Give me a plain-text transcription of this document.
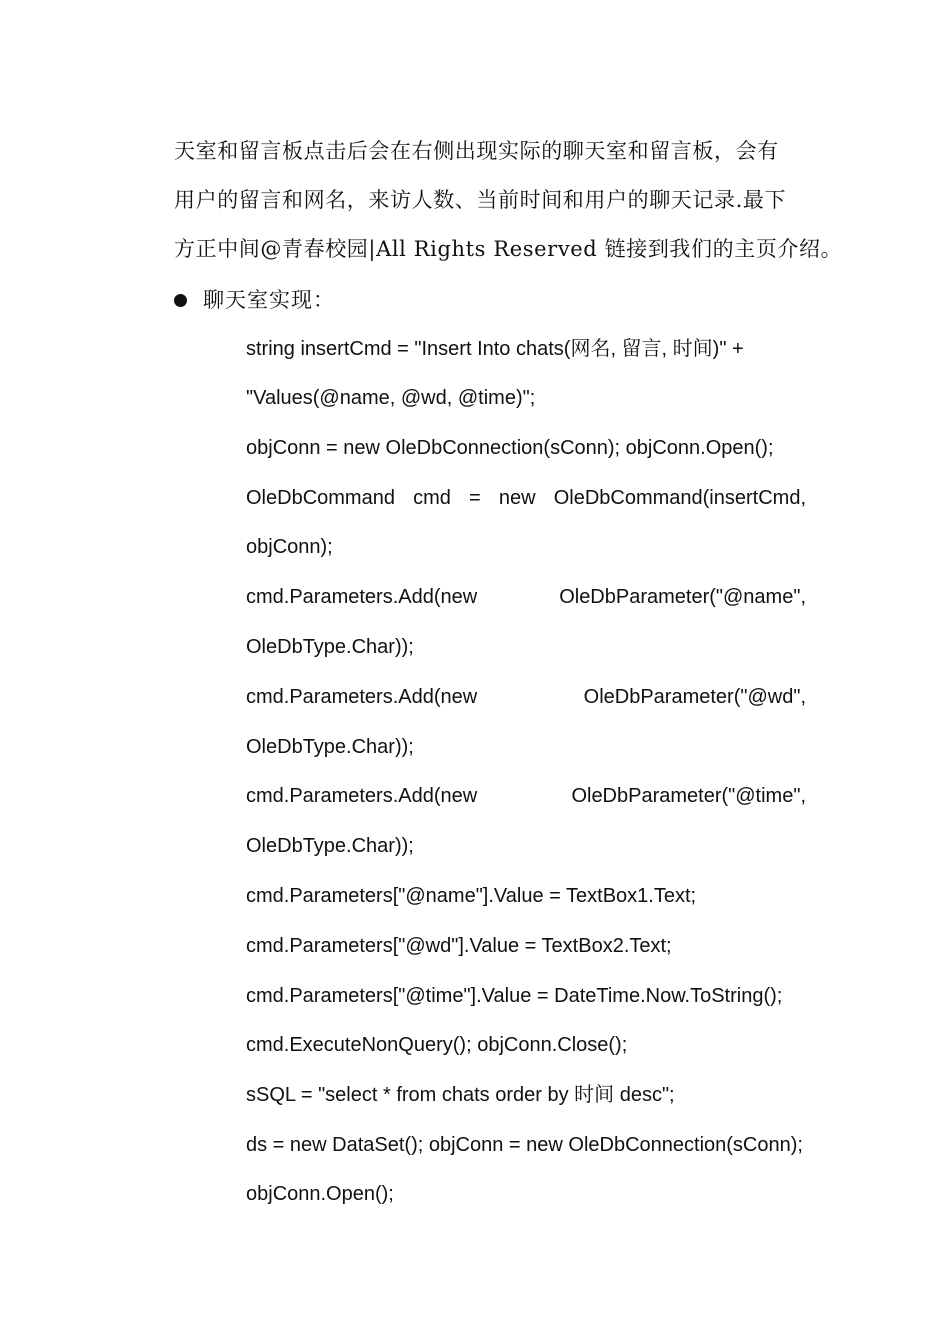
天室和留言板点击后会在右侧出现实际的聊天室和留言板，会有
用户的留言和网名，来访人数、当前时间和用户的聊天记录.最下
方正中间@青春校园|All Rights Reserved 链接到我们的主页介绍。
聊天室实现：
string insertCmd = "Insert Into chats(网名, 留言, 时间)" +
"Values(@name, @wd, @time)";
objConn = new OleDbConnection(sConn); objConn.Open();
OleDbCommand cmd = new OleDbCommand(insertCmd,
objConn);
cmd.Parameters.Add(new	OleDbParameter("@name",
OleDbType.Char));
cmd.Parameters.Add(new	OleDbParameter("@wd",
OleDbType.Char));
cmd.Parameters.Add(new	OleDbParameter("@time",
OleDbType.Char));
cmd.Parameters["@name"].Value = TextBox1.Text;
cmd.Parameters["@wd"].Value = TextBox2.Text;
cmd.Parameters["@time"].Value = DateTime.Now.ToString();
cmd.ExecuteNonQuery(); objConn.Close();
sSQL = "select * from chats order by 时间 desc";
ds = new DataSet(); objConn = new OleDbConnection(sConn);
objConn.Open();
